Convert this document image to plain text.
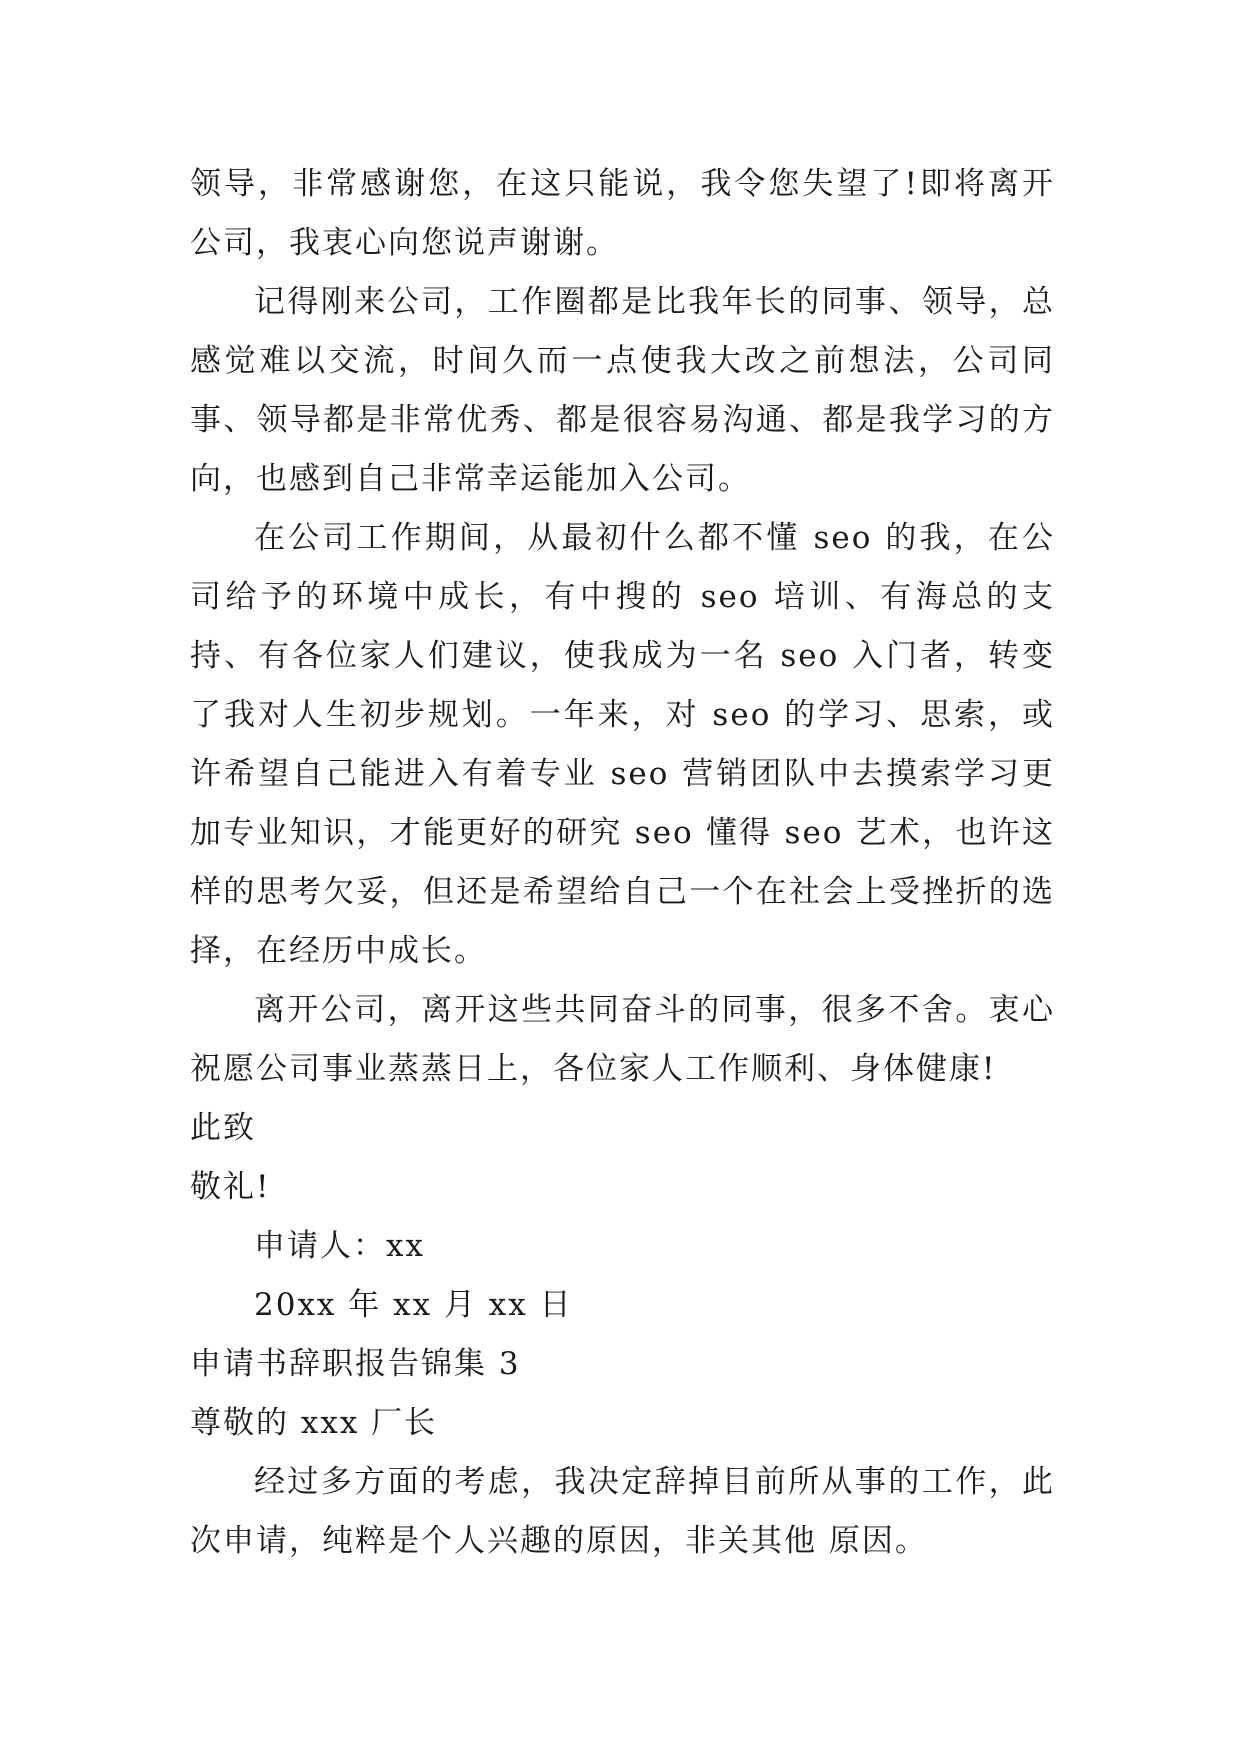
领导，非常感谢您，在这只能说，我令您失望了!即将离开公司，我衷心向您说声谢谢。

记得刚来公司，工作圈都是比我年长的同事、领导，总感觉难以交流，时间久而一点使我大改之前想法，公司同事、领导都是非常优秀、都是很容易沟通、都是我学习的方向，也感到自己非常幸运能加入公司。

在公司工作期间，从最初什么都不懂 seo 的我，在公司给予的环境中成长，有中搜的 seo 培训、有海总的支持、有各位家人们建议，使我成为一名 seo 入门者，转变了我对人生初步规划。一年来，对 seo 的学习、思索，或许希望自己能进入有着专业 seo 营销团队中去摸索学习更加专业知识，才能更好的研究 seo 懂得 seo 艺术，也许这样的思考欠妥，但还是希望给自己一个在社会上受挫折的选择，在经历中成长。

离开公司，离开这些共同奋斗的同事，很多不舍。衷心祝愿公司事业蒸蒸日上，各位家人工作顺利、身体健康!

此致

敬礼!

申请人：xx

20xx 年 xx 月 xx 日

申请书辞职报告锦集 3

尊敬的 xxx 厂长

经过多方面的考虑，我决定辞掉目前所从事的工作，此次申请，纯粹是个人兴趣的原因，非关其他 原因。
